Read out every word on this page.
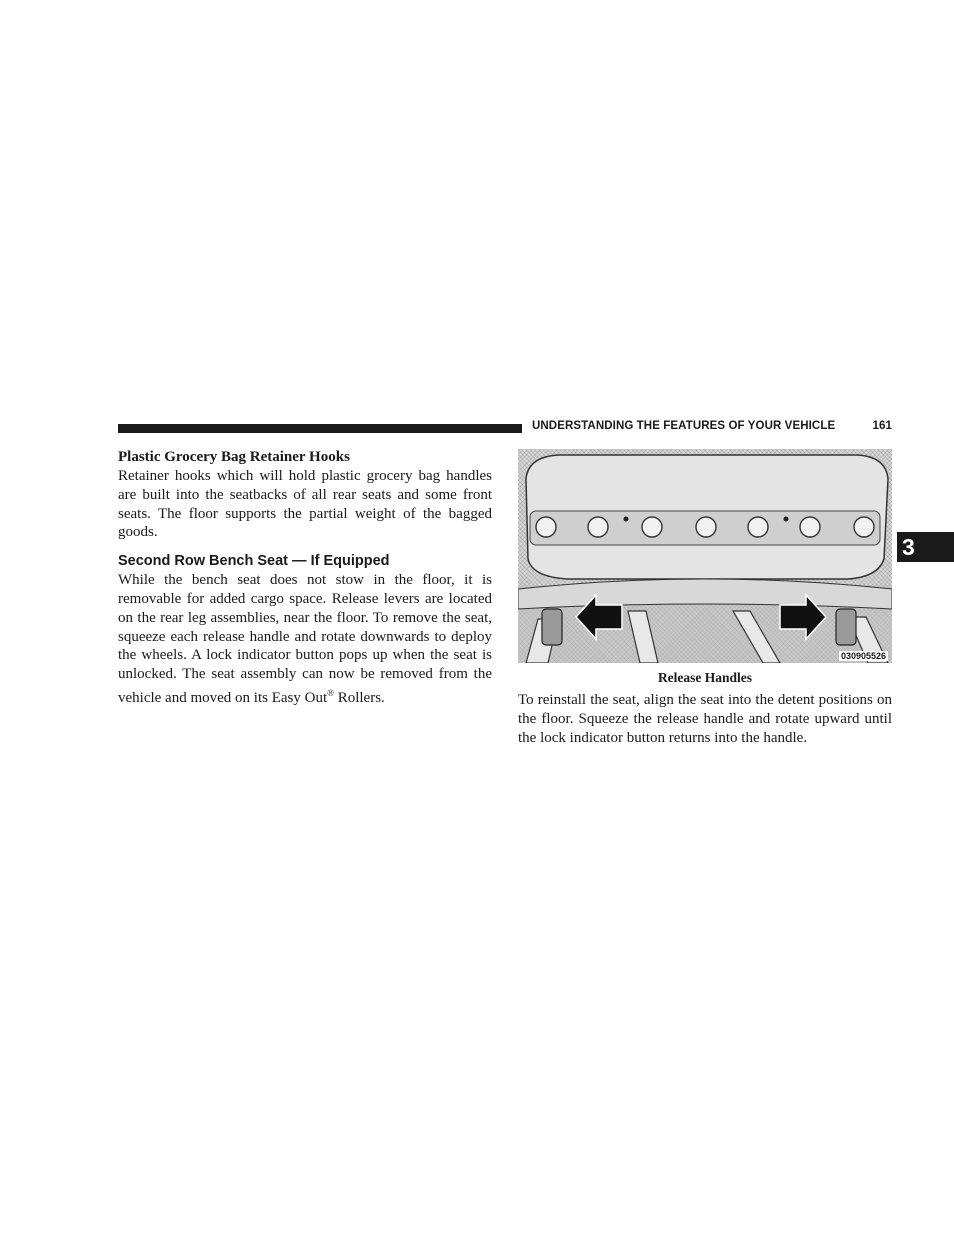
UNDERSTANDING THE FEATURES OF YOUR VEHICLE	161
3
Plastic Grocery Bag Retainer Hooks

Retainer hooks which will hold plastic grocery bag handles are built into the seatbacks of all rear seats and some front seats. The floor supports the partial weight of the bagged goods.

Second Row Bench Seat — If Equipped

While the bench seat does not stow in the floor, it is removable for added cargo space. Release levers are located on the rear leg assemblies, near the floor. To remove the seat, squeeze each release handle and rotate downwards to deploy the wheels. A lock indicator button pops up when the seat is unlocked. The seat assembly can now be removed from the vehicle and moved on its Easy Out® Rollers.

030905526

Release Handles

To reinstall the seat, align the seat into the detent positions on the floor. Squeeze the release handle and rotate upward until the lock indicator button returns into the handle.
